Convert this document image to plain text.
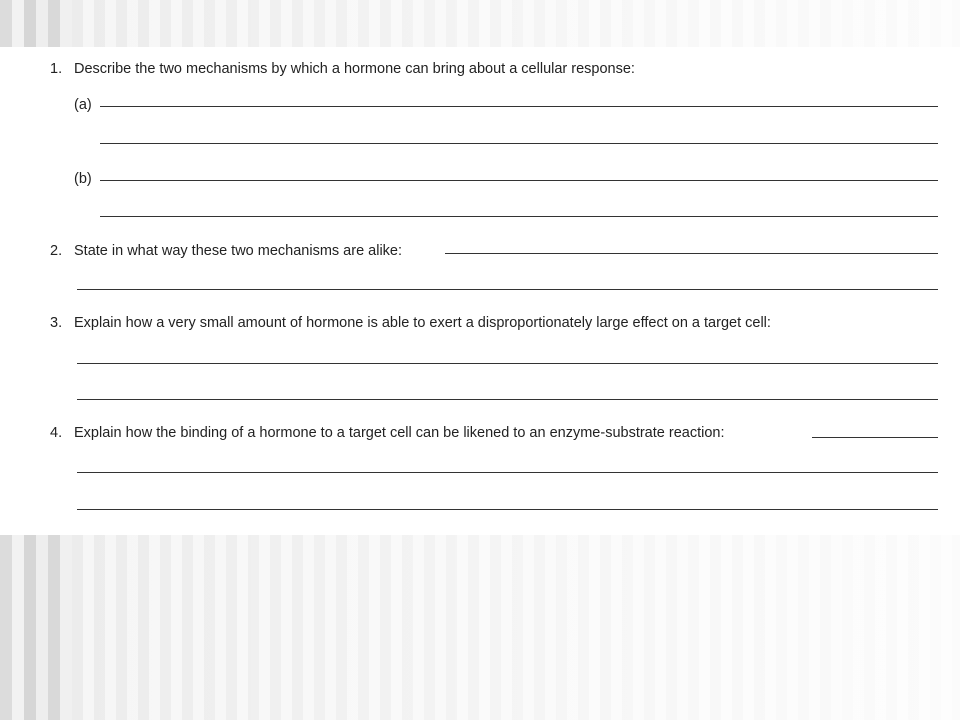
1. Describe the two mechanisms by which a hormone can bring about a cellular response:
(a)
(b)
2. State in what way these two mechanisms are alike:
3. Explain how a very small amount of hormone is able to exert a disproportionately large effect on a target cell:
4. Explain how the binding of a hormone to a target cell can be likened to an enzyme-substrate reaction:
